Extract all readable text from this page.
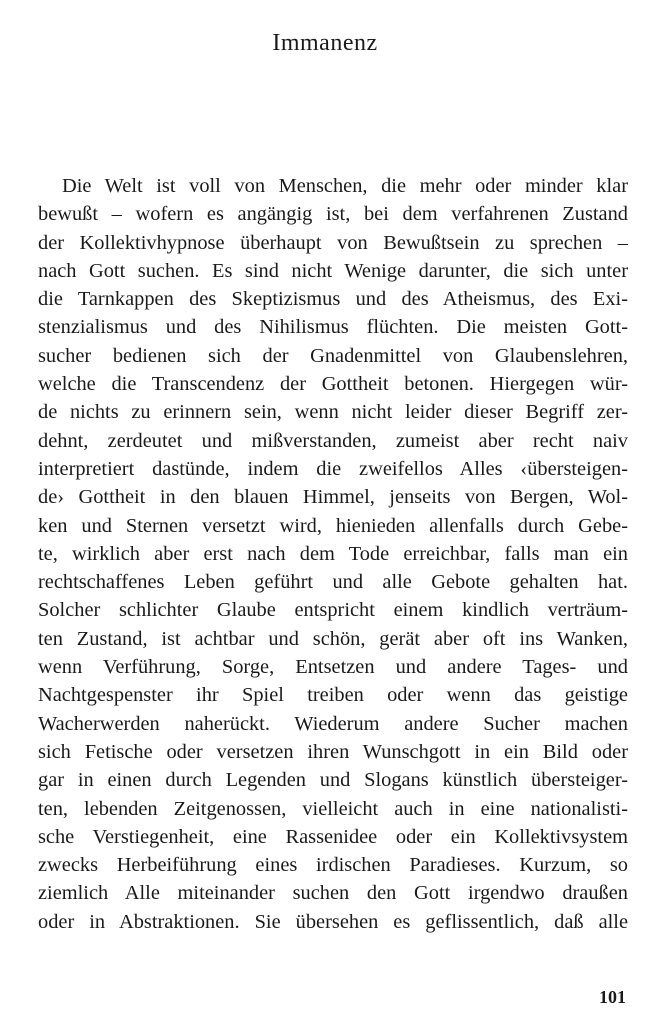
Immanenz
Die Welt ist voll von Menschen, die mehr oder minder klar
bewußt – wofern es angängig ist, bei dem verfahrenen Zustand
der Kollektivhypnose überhaupt von Bewußtsein zu sprechen –
nach Gott suchen. Es sind nicht Wenige darunter, die sich unter
die Tarnkappen des Skeptizismus und des Atheismus, des Exi-
stenzialismus und des Nihilismus flüchten. Die meisten Gott-
sucher bedienen sich der Gnadenmittel von Glaubenslehren,
welche die Transcendenz der Gottheit betonen. Hiergegen wür-
de nichts zu erinnern sein, wenn nicht leider dieser Begriff zer-
dehnt, zerdeutet und mißverstanden, zumeist aber recht naiv
interpretiert dastünde, indem die zweifellos Alles ‹übersteigen-
de› Gottheit in den blauen Himmel, jenseits von Bergen, Wol-
ken und Sternen versetzt wird, hienieden allenfalls durch Gebe-
te, wirklich aber erst nach dem Tode erreichbar, falls man ein
rechtschaffenes Leben geführt und alle Gebote gehalten hat.
Solcher schlichter Glaube entspricht einem kindlich verträum-
ten Zustand, ist achtbar und schön, gerät aber oft ins Wanken,
wenn Verführung, Sorge, Entsetzen und andere Tages- und
Nachtgespenster ihr Spiel treiben oder wenn das geistige
Wacherwerden naherückt. Wiederum andere Sucher machen
sich Fetische oder versetzen ihren Wunschgott in ein Bild oder
gar in einen durch Legenden und Slogans künstlich übersteiger-
ten, lebenden Zeitgenossen, vielleicht auch in eine nationalisti-
sche Verstiegenheit, eine Rassenidee oder ein Kollektivsystem
zwecks Herbeiführung eines irdischen Paradieses. Kurzum, so
ziemlich Alle miteinander suchen den Gott irgendwo draußen
oder in Abstraktionen. Sie übersehen es geflissentlich, daß alle
101
